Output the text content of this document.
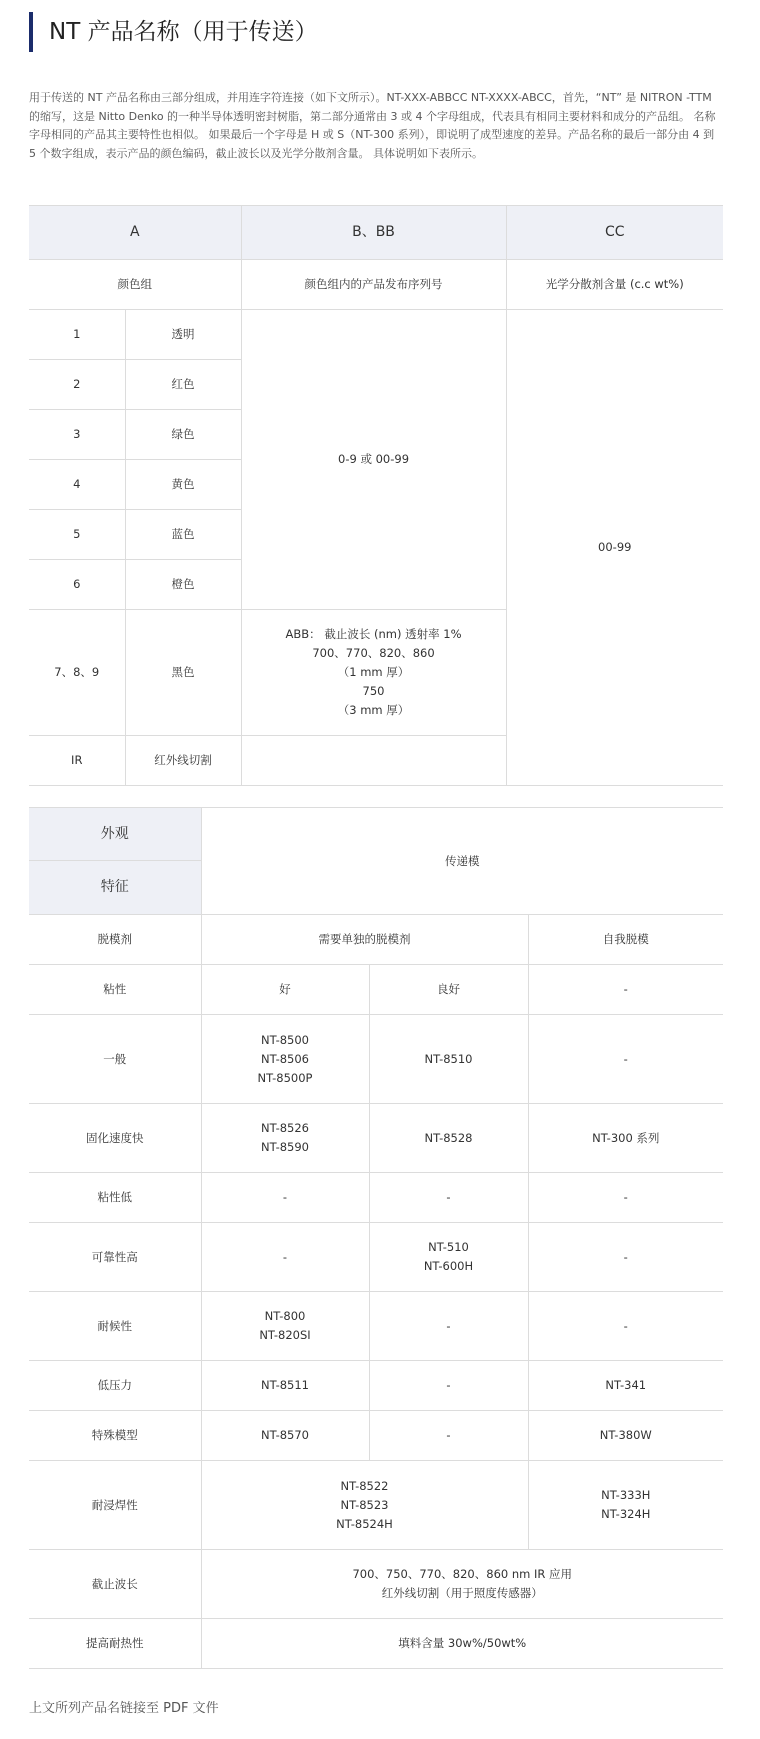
NT 产品名称（用于传送）

用于传送的 NT 产品名称由三部分组成，并用连字符连接（如下文所示）。NT-XXX-ABBCC NT-XXXX-ABCC，首先，“NT” 是 NITRON -TTM 的缩写，这是 Nitto Denko 的一种半导体透明密封树脂，第二部分通常由 3 或 4 个字母组成，代表具有相同主要材料和成分的产品组。 名称字母相同的产品其主要特性也相似。 如果最后一个字母是 H 或 S（NT-300 系列），即说明了成型速度的差异。产品名称的最后一部分由 4 到 5 个数字组成，表示产品的颜色编码，截止波长以及光学分散剂含量。 具体说明如下表所示。

A		B、BB	CC
颜色组		颜色组内的产品发布序列号	光学分散剂含量 (c.c wt%)
1	透明	0-9 或 00-99	00-99
2	红色		
3	绿色		
4	黄色		
5	蓝色		
6	橙色		
7、8、9	黑色	ABB： 截止波长 (nm) 透射率 1%
700、770、820、860
（1 mm 厚）
750
（3 mm 厚）	
IR	红外线切割		
外观	传递模		
特征			
脱模剂	需要单独的脱模剂		自我脱模
粘性	好	良好	-
一般	NT-8500
NT-8506
NT-8500P	NT-8510	-
固化速度快	NT-8526
NT-8590	NT-8528	NT-300 系列
粘性低	-	-	-
可靠性高	-	NT-510
NT-600H	-
耐候性	NT-800
NT-820SI	-	-
低压力	NT-8511	-	NT-341
特殊模型	NT-8570	-	NT-380W
耐浸焊性	NT-8522
NT-8523
NT-8524H		NT-333H
NT-324H
截止波长	700、750、770、820、860 nm IR 应用
红外线切割（用于照度传感器）		
提高耐热性	填料含量 30w%/50wt%		
上文所列产品名链接至 PDF 文件
